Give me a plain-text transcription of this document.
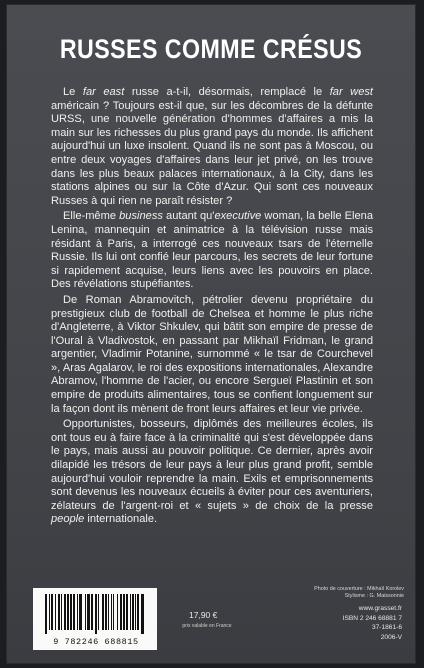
RUSSES COMME CRÉSUS

Le far east russe a-t-il, désormais, remplacé le far west américain ? Toujours est-il que, sur les décombres de la défunte URSS, une nouvelle génération d'hommes d'affaires a mis la main sur les richesses du plus grand pays du monde. Ils affichent aujourd'hui un luxe insolent. Quand ils ne sont pas à Moscou, ou entre deux voyages d'affaires dans leur jet privé, on les trouve dans les plus beaux palaces internationaux, à la City, dans les stations alpines ou sur la Côte d'Azur. Qui sont ces nouveaux Russes à qui rien ne paraît résister ?

Elle-même business autant qu'executive woman, la belle Elena Lenina, mannequin et animatrice à la télévision russe mais résidant à Paris, a interrogé ces nouveaux tsars de l'éternelle Russie. Ils lui ont confié leur parcours, les secrets de leur fortune si rapidement acquise, leurs liens avec les pouvoirs en place. Des révélations stupéfiantes.

De Roman Abramovitch, pétrolier devenu propriétaire du prestigieux club de football de Chelsea et homme le plus riche d'Angleterre, à Viktor Shkulev, qui bâtit son empire de presse de l'Oural à Vladivostok, en passant par Mikhaïl Fridman, le grand argentier, Vladimir Potanine, surnommé « le tsar de Courchevel », Aras Agalarov, le roi des expositions internationales, Alexandre Abramov, l'homme de l'acier, ou encore Sergueï Plastinin et son empire de produits alimentaires, tous se confient longuement sur la façon dont ils mènent de front leurs affaires et leur vie privée.

Opportunistes, bosseurs, diplômés des meilleures écoles, ils ont tous eu à faire face à la criminalité qui s'est développée dans le pays, mais aussi au pouvoir politique. Ce dernier, après avoir dilapidé les trésors de leur pays à leur plus grand profit, semble aujourd'hui vouloir reprendre la main. Exils et emprisonnements sont devenus les nouveaux écueils à éviter pour ces aventuriers, zélateurs de l'argent-roi et « sujets » de choix de la presse people internationale.

9 782246 688815
17,90 €
prix valable en France
Photo de couverture : Mikhaïl Korolev
Stylisme : G. Maissonnie
www.grasset.fr
ISBN 2 246 68881 7
37-1861-6
2006-V
